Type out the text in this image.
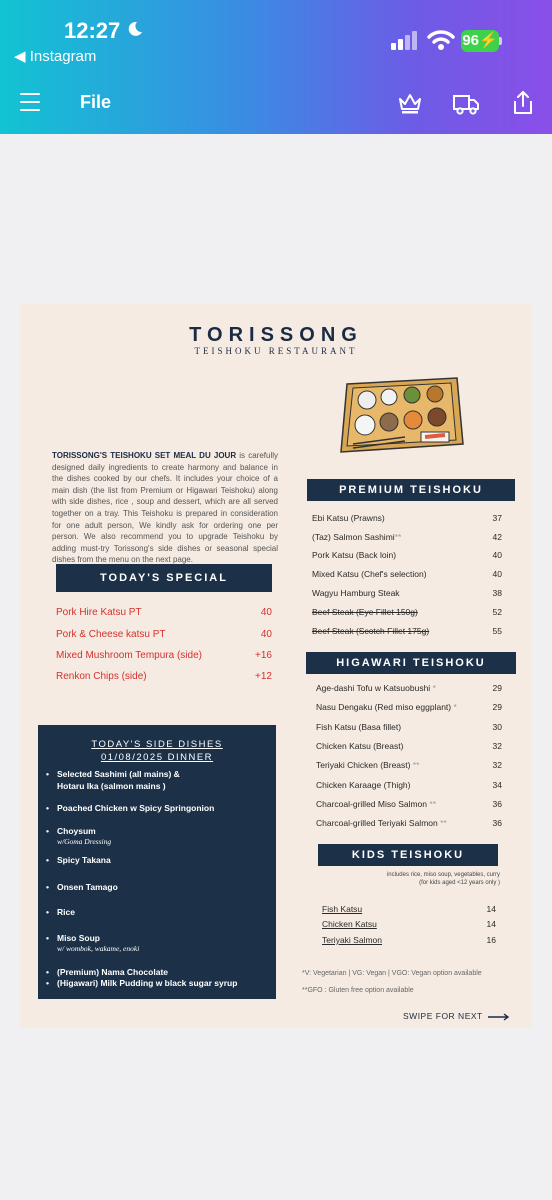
12:27
◀ Instagram
96⚡
File
TORISSONG
TEISHOKU RESTAURANT
TORISSONG'S TEISHOKU SET MEAL DU JOUR is carefully designed daily ingredients to create harmony and balance in the dishes cooked by our chefs. It includes your choice of a main dish (the list from Premium or Higawari Teishoku) along with side dishes, rice , soup and dessert, which are all served together on a tray. This Teishoku is prepared in consideration for one adult person, We kindly ask for ordering one per person. We also recommend you to upgrade Teishoku by adding must-try Torissong's side dishes or seasonal special dishes from the menu on the next page.
TODAY'S SPECIAL
Pork Hire Katsu PT	40
Pork & Cheese katsu PT	40
Mixed Mushroom Tempura (side)	+16
Renkon Chips (side)	+12
TODAY'S SIDE DISHES
01/08/2025 DINNER
• Selected Sashimi (all mains) &
Hotaru Ika (salmon mains )
• Poached Chicken w Spicy Springonion
• Choysum
w/Goma Dressing
• Spicy Takana
• Onsen Tamago
• Rice
• Miso Soup
w/ wombok, wakame, enoki
• (Premium) Nama Chocolate
• (Higawari) Milk Pudding w black sugar syrup
PREMIUM TEISHOKU
Ebi Katsu (Prawns)	37
(Taz) Salmon Sashimi**	42
Pork Katsu (Back loin)	40
Mixed Katsu (Chef's selection)	40
Wagyu Hamburg Steak	38
Beef Steak (Eye Fillet 150g)	52
Beef Steak (Scotch Fillet 175g)	55
HIGAWARI TEISHOKU
Age-dashi Tofu w Katsuobushi *	29
Nasu Dengaku (Red miso eggplant) *	29
Fish Katsu (Basa fillet)	30
Chicken Katsu (Breast)	32
Teriyaki Chicken (Breast) **	32
Chicken Karaage (Thigh)	34
Charcoal-grilled Miso Salmon **	36
Charcoal-grilled Teriyaki Salmon **	36
KIDS TEISHOKU
includes rice, miso soup, vegetables, curry
(for kids aged <12 years only )
Fish Katsu	14
Chicken Katsu	14
Teriyaki Salmon	16
*V: Vegetarian | VG: Vegan | VGO: Vegan option available
**GFO : Gluten free option available
SWIPE FOR NEXT
